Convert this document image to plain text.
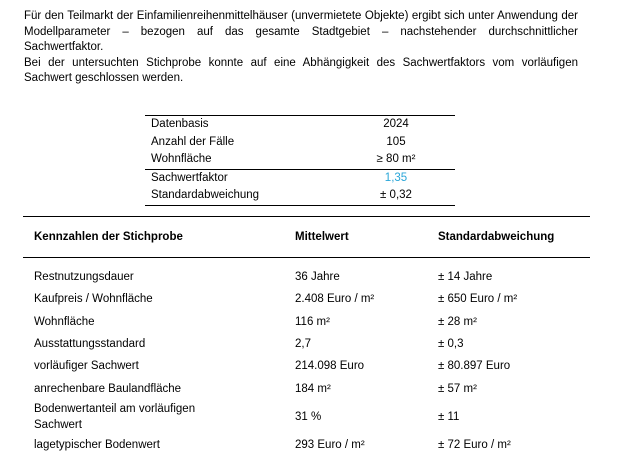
Für den Teilmarkt der Einfamilienreihenmittelhäuser (unvermietete Objekte) ergibt sich unter Anwendung der Modellparameter – bezogen auf das gesamte Stadtgebiet – nachstehender durchschnittlicher Sachwertfaktor.

Bei der untersuchten Stichprobe konnte auf eine Abhängigkeit des Sachwertfaktors vom vorläufigen Sachwert geschlossen werden.

Datenbasis	2024
Anzahl der Fälle	105
Wohnfläche	≥ 80 m²
Sachwertfaktor	1,35
Standardabweichung	± 0,32
Kennzahlen der Stichprobe	Mittelwert	Standardabweichung

Restnutzungsdauer	36 Jahre	± 14 Jahre
Kaufpreis / Wohnfläche	2.408 Euro / m²	± 650 Euro / m²
Wohnfläche	116 m²	± 28 m²
Ausstattungsstandard	2,7	± 0,3
vorläufiger Sachwert	214.098 Euro	± 80.897 Euro
anrechenbare Baulandfläche	184 m²	± 57 m²

Bodenwertanteil am vorläufigen Sachwert	31 %	± 11
lagetypischer Bodenwert	293 Euro / m²	± 72 Euro / m²
